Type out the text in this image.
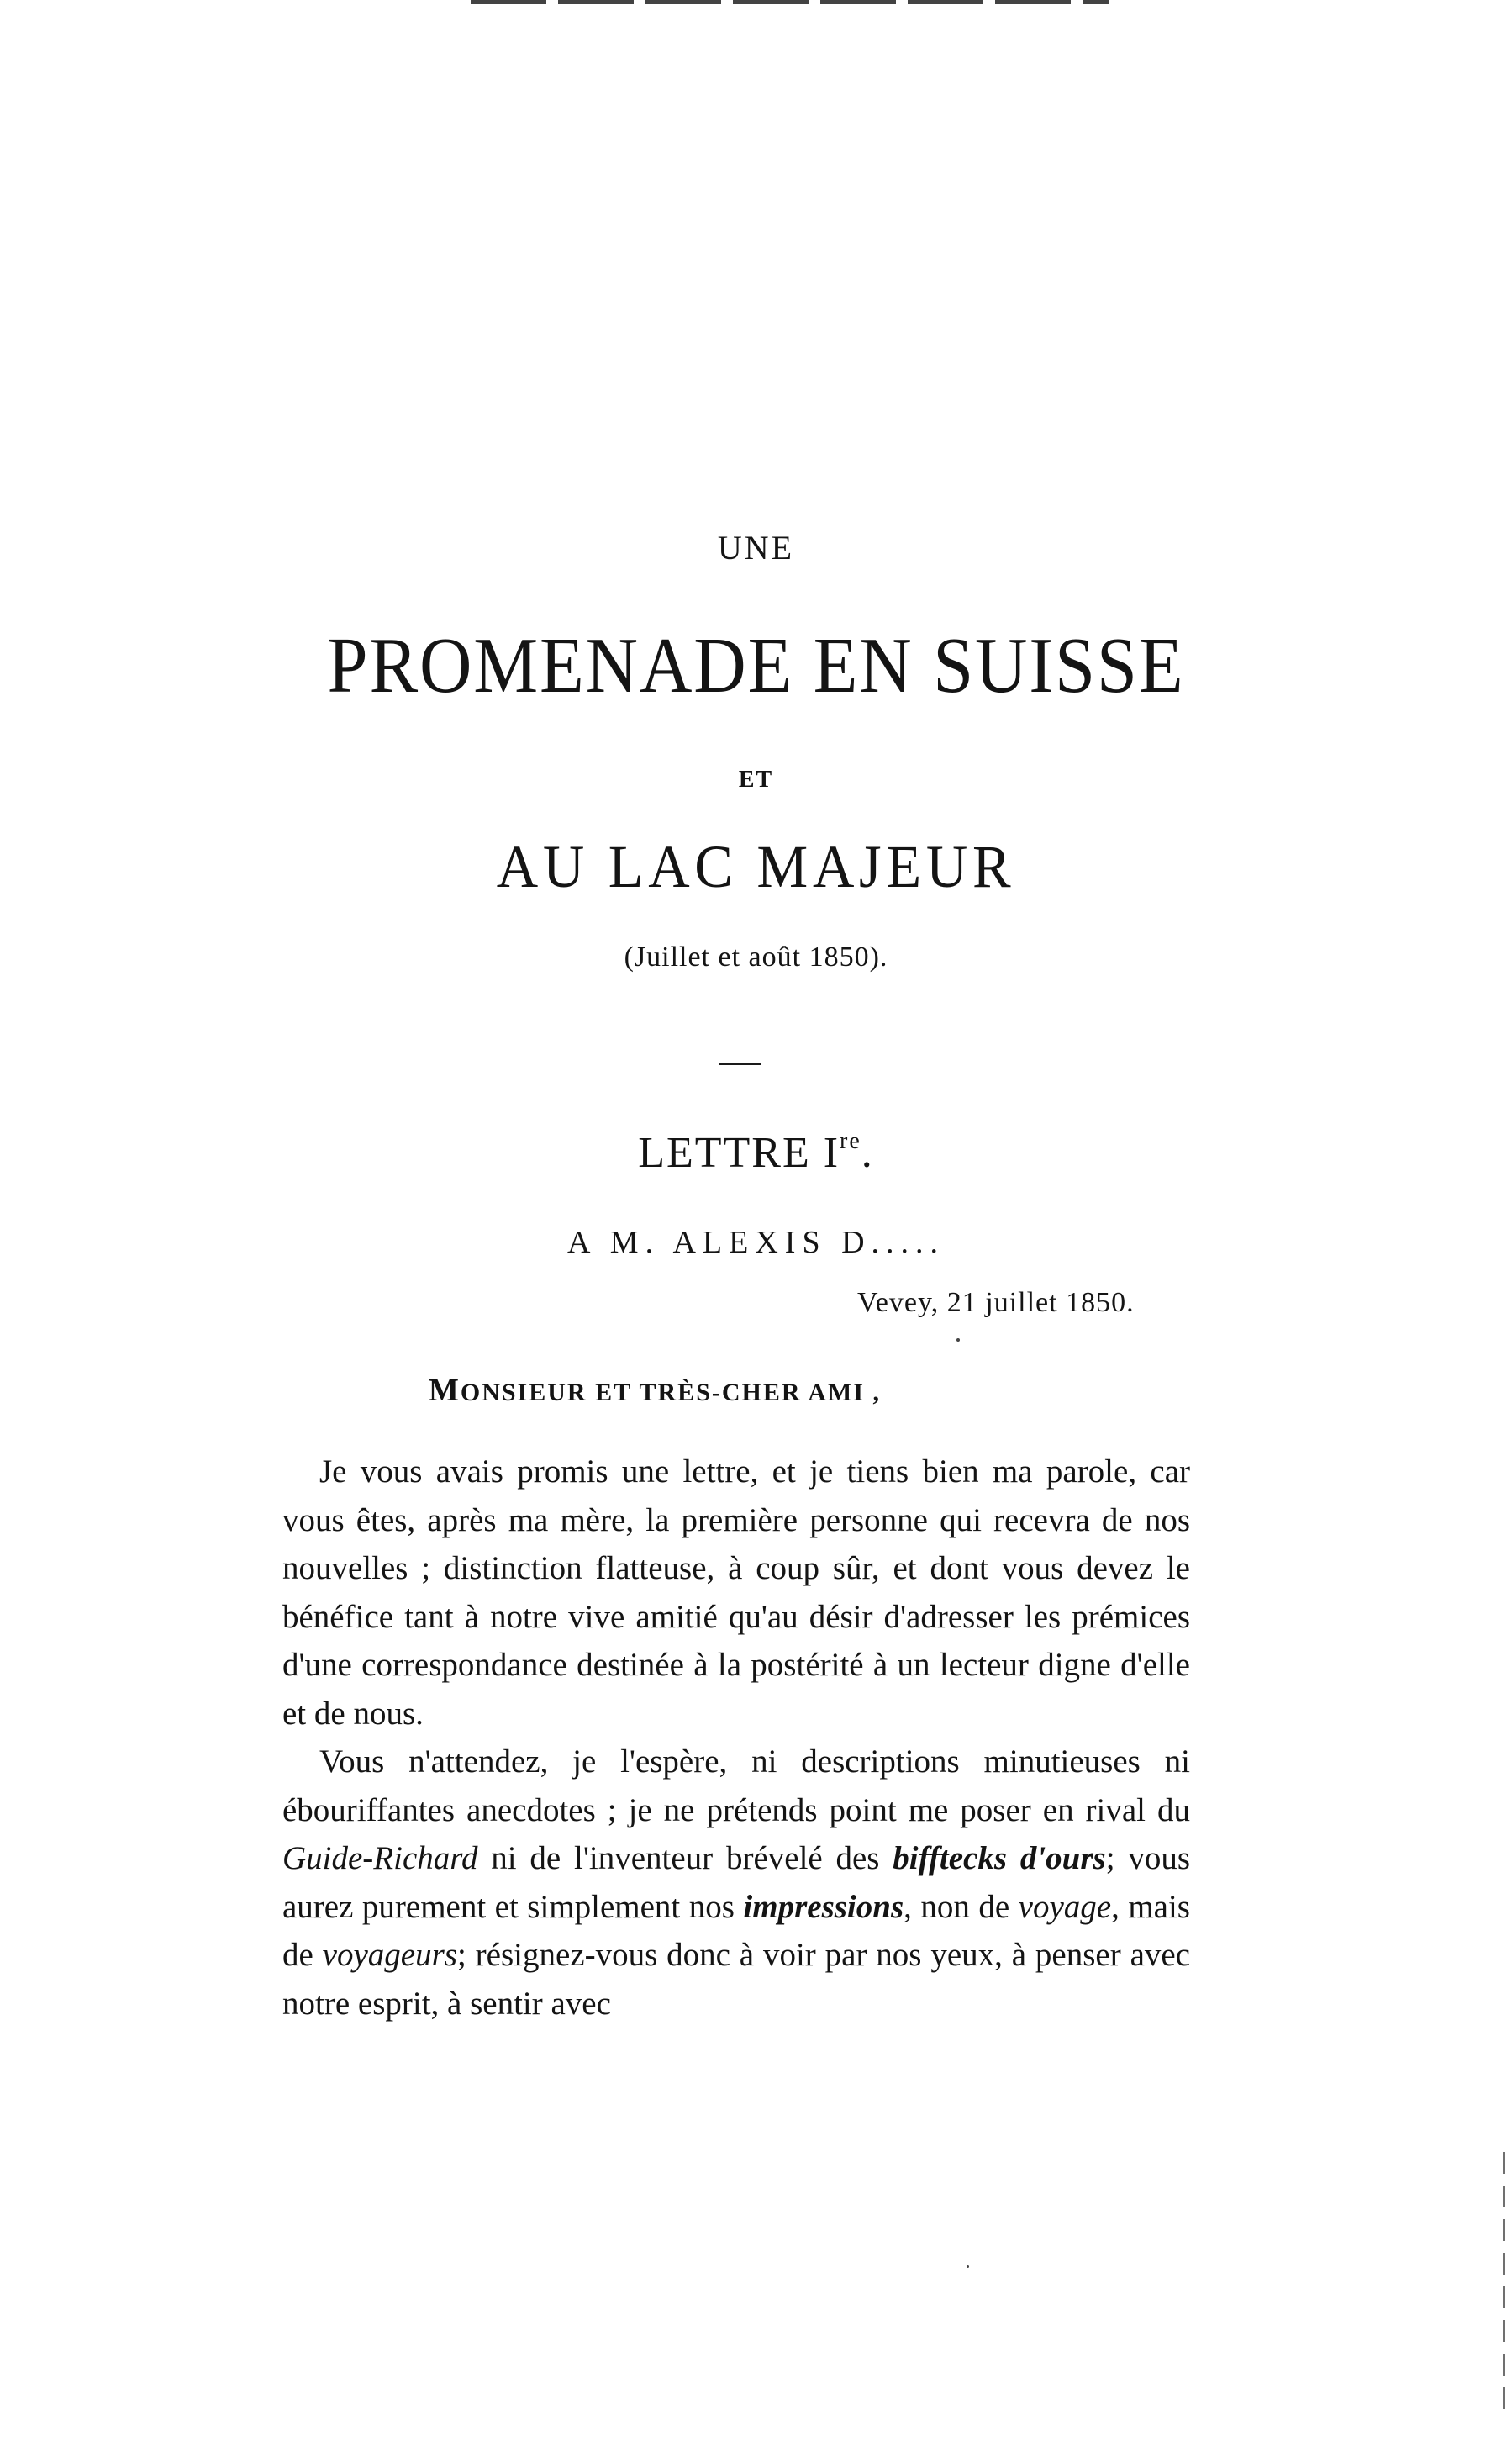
UNE
PROMENADE EN SUISSE
ET
AU LAC MAJEUR
(Juillet et août 1850).
LETTRE Ire.
A M. ALEXIS D.....
Vevey, 21 juillet 1850.
MONSIEUR ET TRÈS-CHER AMI ,

Je vous avais promis une lettre, et je tiens bien ma parole, car vous êtes, après ma mère, la première personne qui recevra de nos nouvelles ; distinction flatteuse, à coup sûr, et dont vous devez le bénéfice tant à notre vive amitié qu'au désir d'adresser les prémices d'une correspondance destinée à la postérité à un lecteur digne d'elle et de nous.

Vous n'attendez, je l'espère, ni descriptions minutieuses ni ébouriffantes anecdotes ; je ne prétends point me poser en rival du Guide-Richard ni de l'inventeur brévelé des bifftecks d'ours; vous aurez purement et simplement nos impressions, non de voyage, mais de voyageurs; résignez-vous donc à voir par nos yeux, à penser avec notre esprit, à sentir avec
